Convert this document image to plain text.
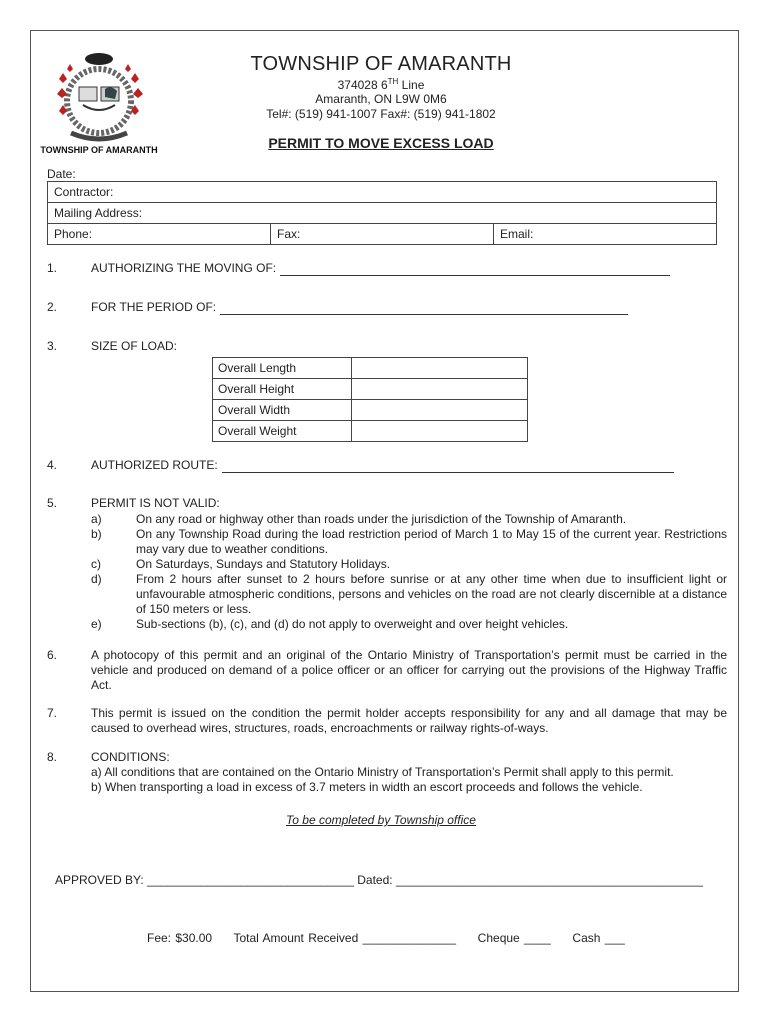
TOWNSHIP OF AMARANTH
TOWNSHIP OF AMARANTH
374028 6TH Line
Amaranth, ON L9W 0M6
Tel#: (519) 941-1007 Fax#: (519) 941-1802
PERMIT TO MOVE EXCESS LOAD
Date:
Contractor:
Mailing Address:
Phone:	Fax:	Email:
1.	AUTHORIZING THE MOVING OF:
2.	FOR THE PERIOD OF:
3.	SIZE OF LOAD:
Overall Length	
Overall Height	
Overall Width	
Overall Weight	
4.	AUTHORIZED ROUTE:
5.	PERMIT IS NOT VALID:
a)	On any road or highway other than roads under the jurisdiction of the Township of Amaranth.
b)	On any Township Road during the load restriction period of March 1 to May 15 of the current year. Restrictions may vary due to weather conditions.
c)	On Saturdays, Sundays and Statutory Holidays.
d)	From 2 hours after sunset to 2 hours before sunrise or at any other time when due to insufficient light or unfavourable atmospheric conditions, persons and vehicles on the road are not clearly discernible at a distance of 150 meters or less.
e)	Sub-sections (b), (c), and (d) do not apply to overweight and over height vehicles.
6.	A photocopy of this permit and an original of the Ontario Ministry of Transportation’s permit must be carried in the vehicle and produced on demand of a police officer or an officer for carrying out the provisions of the Highway Traffic Act.
7.	This permit is issued on the condition the permit holder accepts responsibility for any and all damage that may be caused to overhead wires, structures, roads, encroachments or railway rights-of-ways.
8.	CONDITIONS:
a) All conditions that are contained on the Ontario Ministry of Transportation’s Permit shall apply to this permit.
b) When transporting a load in excess of 3.7 meters in width an escort proceeds and follows the vehicle.
To be completed by Township office
APPROVED BY: _______________________________ Dated: ______________________________________________
Fee: $30.00     Total Amount Received ______________     Cheque ____     Cash ___
